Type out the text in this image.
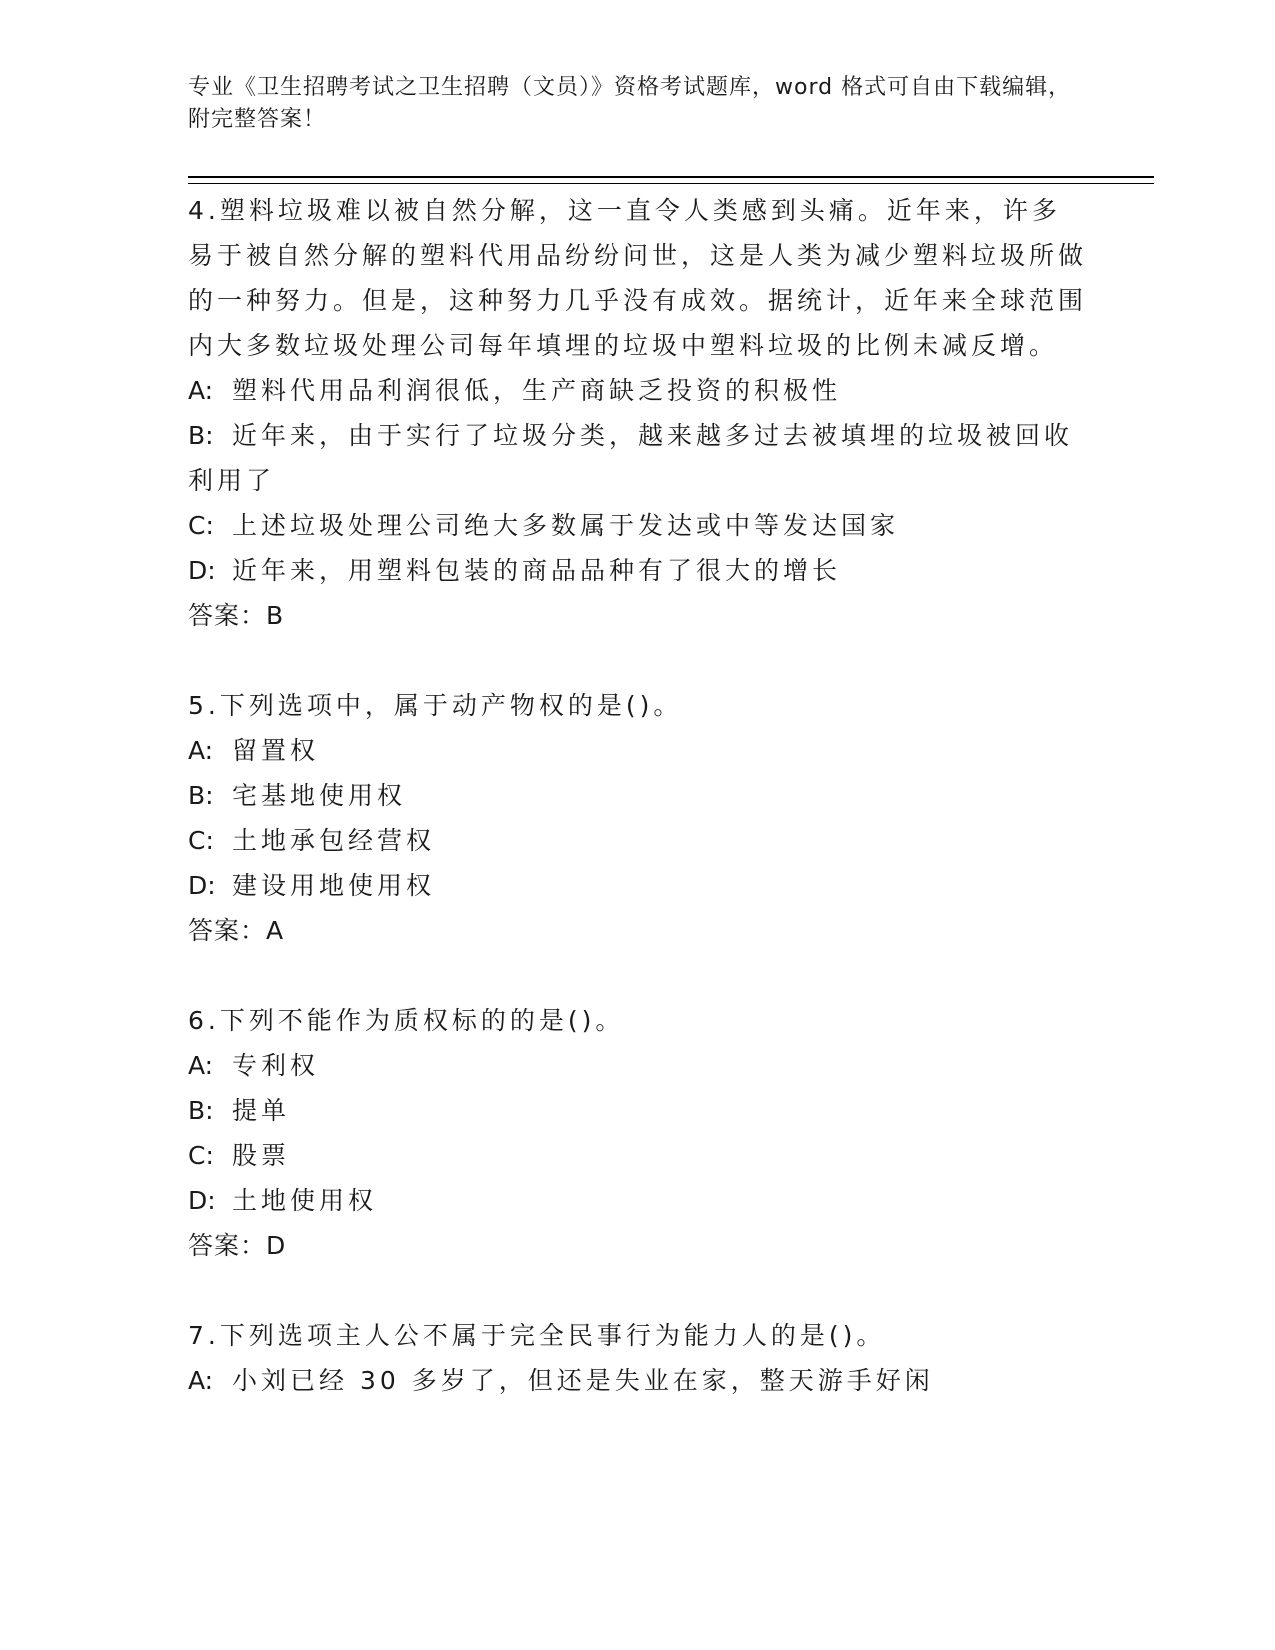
专业《卫生招聘考试之卫生招聘（文员）》资格考试题库，word 格式可自由下载编辑，附完整答案！
4.塑料垃圾难以被自然分解，这一直令人类感到头痛。近年来，许多易于被自然分解的塑料代用品纷纷问世，这是人类为减少塑料垃圾所做的一种努力。但是，这种努力几乎没有成效。据统计，近年来全球范围内大多数垃圾处理公司每年填埋的垃圾中塑料垃圾的比例未减反增。
A: 塑料代用品利润很低，生产商缺乏投资的积极性
B: 近年来，由于实行了垃圾分类，越来越多过去被填埋的垃圾被回收利用了
C: 上述垃圾处理公司绝大多数属于发达或中等发达国家
D: 近年来，用塑料包装的商品品种有了很大的增长
答案：B
5.下列选项中，属于动产物权的是()。
A: 留置权
B: 宅基地使用权
C: 土地承包经营权
D: 建设用地使用权
答案：A
6.下列不能作为质权标的的是()。
A: 专利权
B: 提单
C: 股票
D: 土地使用权
答案：D
7.下列选项主人公不属于完全民事行为能力人的是()。
A: 小刘已经 30 多岁了，但还是失业在家，整天游手好闲
